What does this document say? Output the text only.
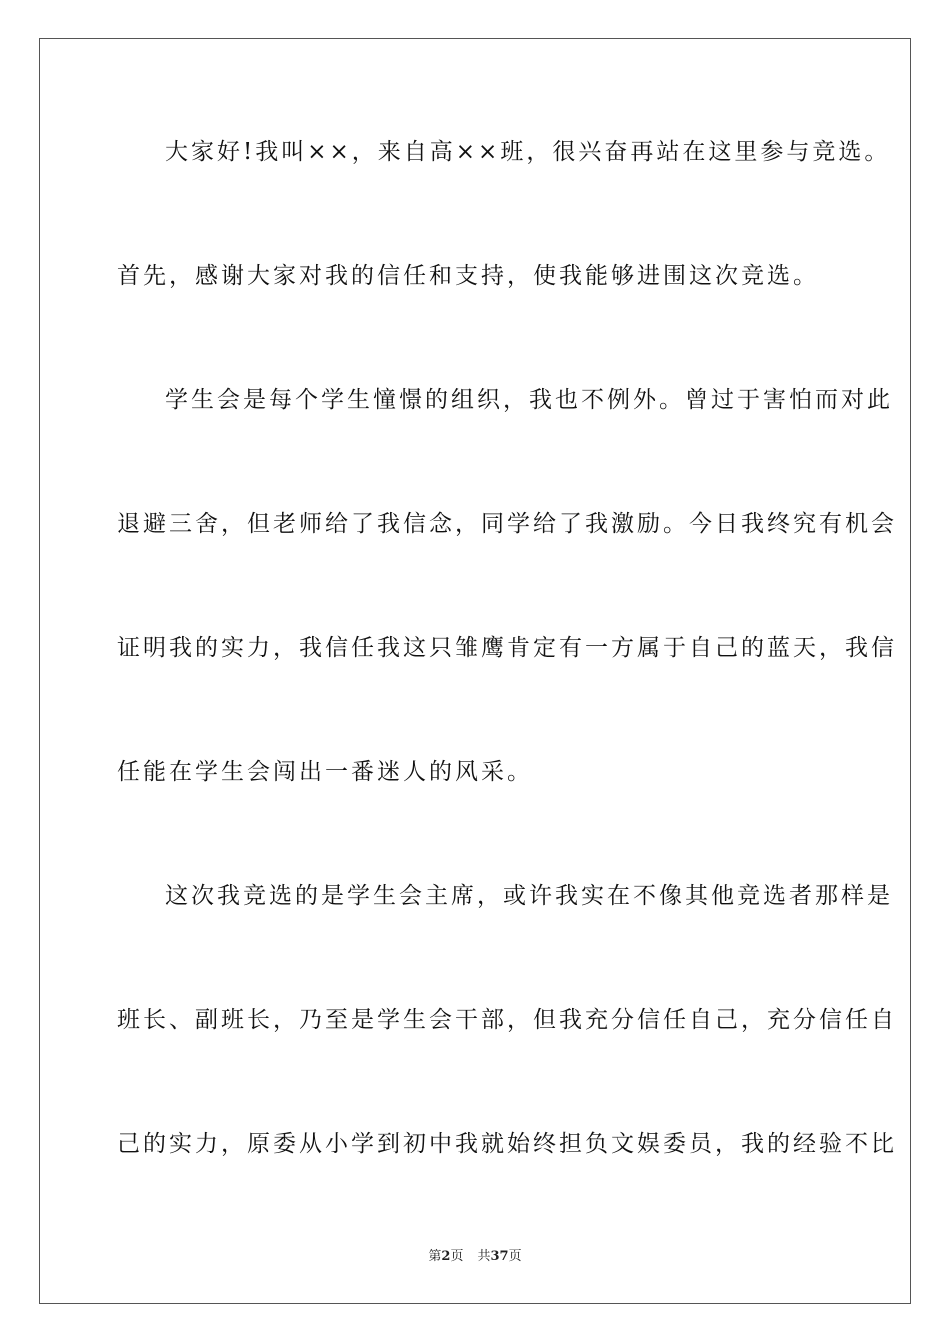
大家好!我叫××，来自高××班，很兴奋再站在这里参与竞选。
首先，感谢大家对我的信任和支持，使我能够进围这次竞选。
学生会是每个学生憧憬的组织，我也不例外。曾过于害怕而对此
退避三舍，但老师给了我信念，同学给了我激励。今日我终究有机会
证明我的实力，我信任我这只雏鹰肯定有一方属于自己的蓝天，我信
任能在学生会闯出一番迷人的风采。
这次我竞选的是学生会主席，或许我实在不像其他竞选者那样是
班长、副班长，乃至是学生会干部，但我充分信任自己，充分信任自
己的实力，原委从小学到初中我就始终担负文娱委员，我的经验不比
第2页 共37页
